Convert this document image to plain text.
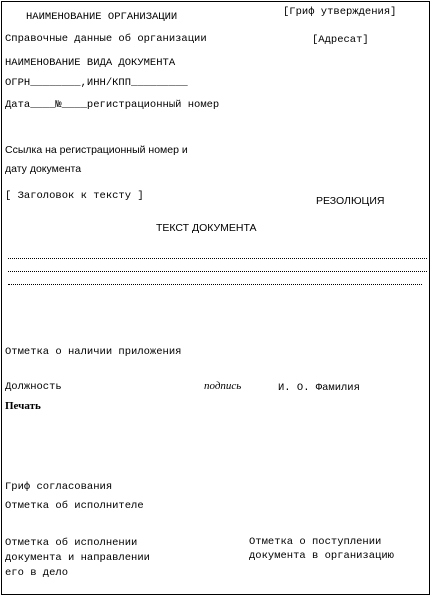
НАИМЕНОВАНИЕ ОРГАНИЗАЦИИ	[Гриф утверждения]
Справочные данные об организации	[Адресат]
НАИМЕНОВАНИЕ ВИДА ДОКУМЕНТА
ОГРН________,ИНН/КПП_________
Дата____№____регистрационный номер
Ссылка на регистрационный номер и
дату документа
[ Заголовок к тексту ]	РЕЗОЛЮЦИЯ
ТЕКСТ ДОКУМЕНТА
Отметка о наличии приложения
Должность	подпись	И. О. Фамилия
Печать
Гриф согласования
Отметка об исполнителе
Отметка об исполнении
документа и направлении
его в дело
Отметка о поступлении
документа в организацию
